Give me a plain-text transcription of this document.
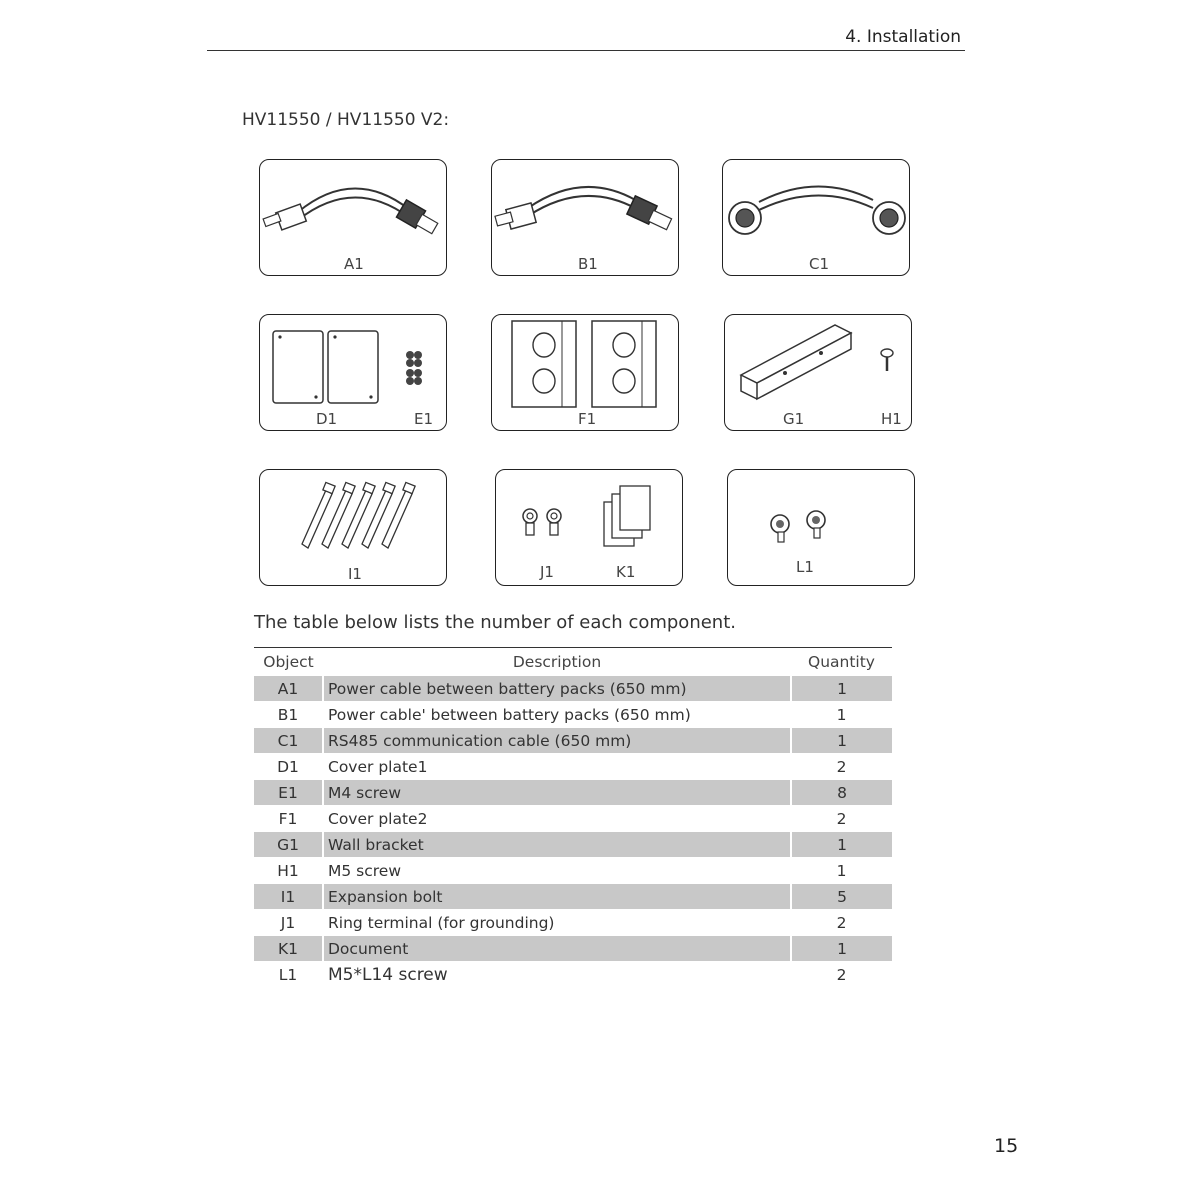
4. Installation
HV11550 / HV11550 V2:
A1	B1	C1
D1	E1	F1	G1	H1
I1	J1	K1	L1
The table below lists the number of each component.
Object	Description	Quantity
A1	Power cable between battery packs (650 mm)	1
B1	Power cable' between battery packs (650 mm)	1
C1	RS485 communication cable (650 mm)	1
D1	Cover plate1	2
E1	M4 screw	8
F1	Cover plate2	2
G1	Wall bracket	1
H1	M5 screw	1
I1	Expansion bolt	5
J1	Ring terminal (for grounding)	2
K1	Document	1
L1	M5*L14 screw	2
15
